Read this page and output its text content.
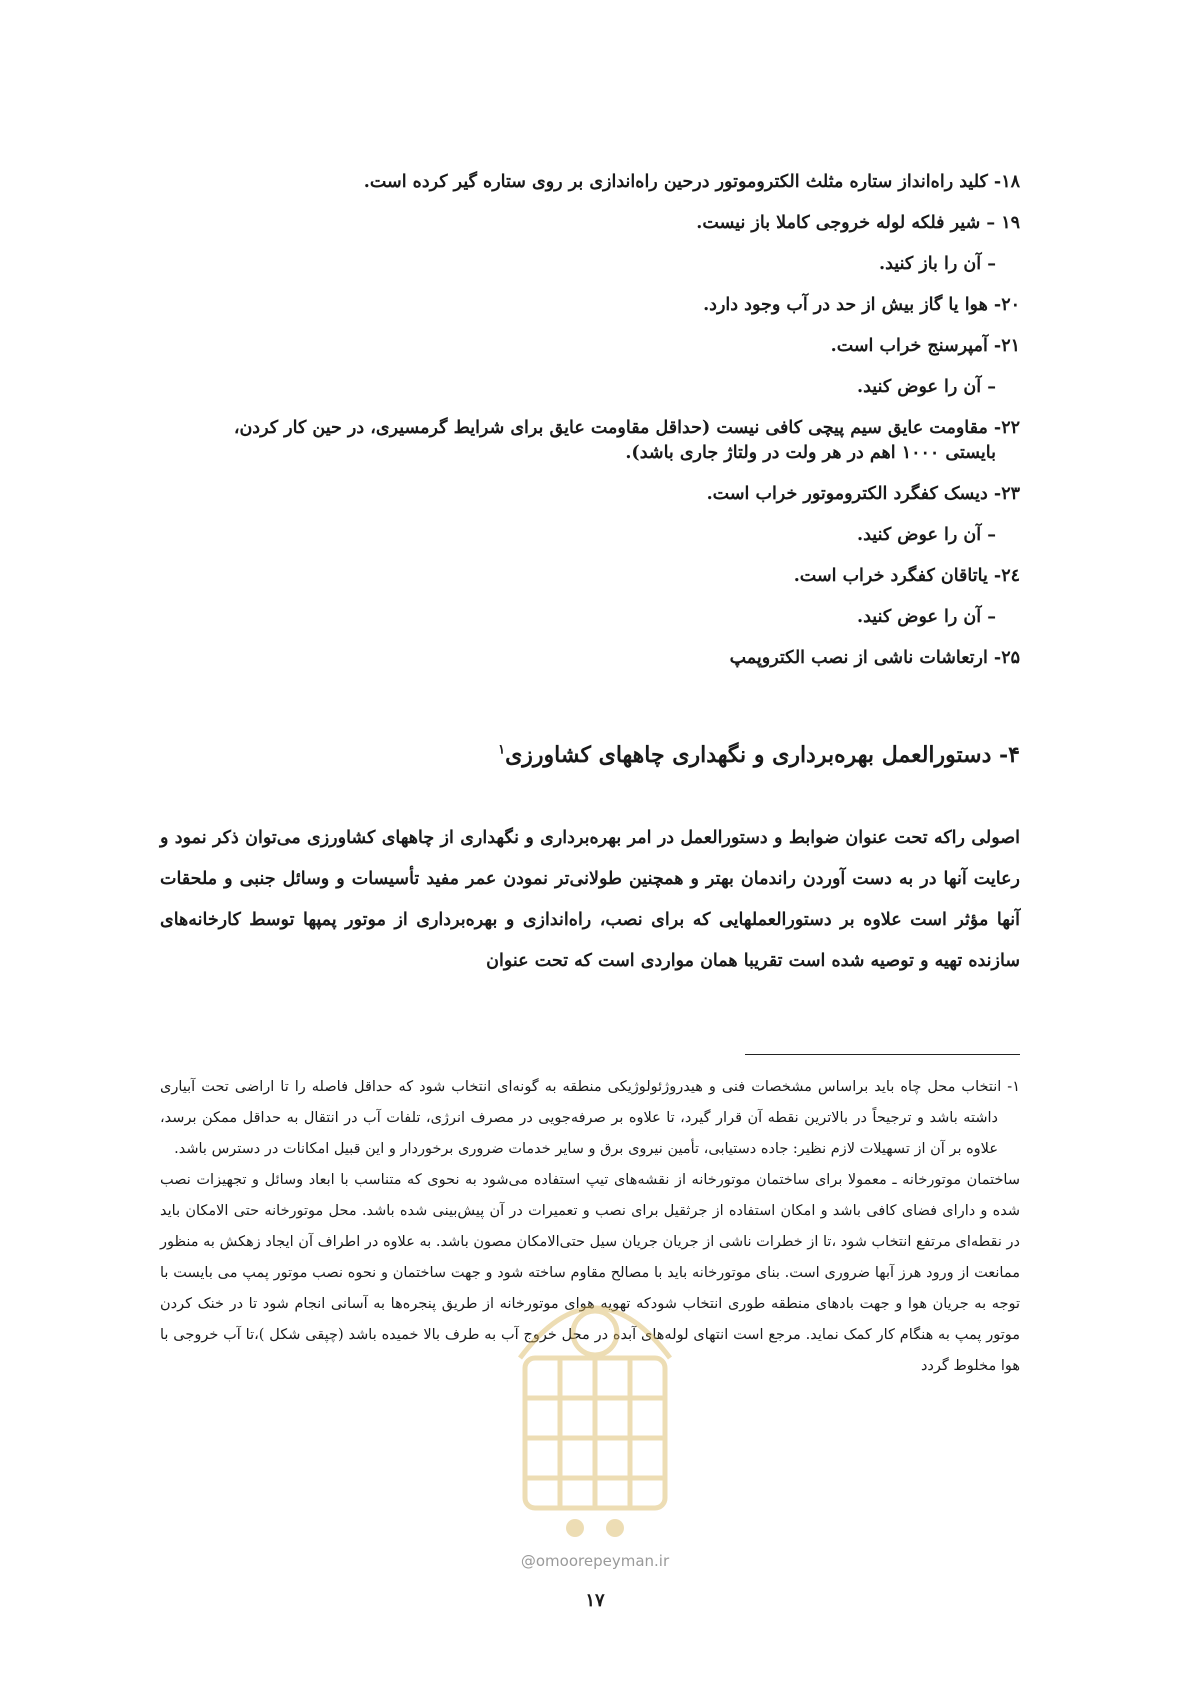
۱۸- کلید راه‌انداز ستاره مثلث الکتروموتور درحین راه‌اندازی بر روی ستاره گیر کرده است.

۱۹ – شیر فلکه لوله خروجی کاملا باز نیست.

– آن را باز کنید.

۲۰- هوا یا گاز بیش از حد در آب وجود دارد.

۲۱- آمپرسنج خراب است.

– آن را عوض کنید.

۲۲- مقاومت عایق سیم پیچی کافی نیست (حداقل مقاومت عایق برای شرایط گرمسیری، در حین کار کردن،
بایستی ۱۰۰۰ اهم در هر ولت در ولتاژ جاری باشد).

۲۳- دیسک کفگرد الکتروموتور خراب است.

– آن را عوض کنید.

۲٤- یاتاقان کفگرد خراب است.

– آن را عوض کنید.

۲۵- ارتعاشات ناشی از نصب الکتروپمپ

۴- دستورالعمل بهره‌برداری و نگهداری چاههای کشاورزی$^۱$
اصولی راکه تحت عنوان ضوابط و دستورالعمل در امر بهره‌برداری و نگهداری از چاههای کشاورزی می‌توان ذکر نمود و رعایت آنها در به دست آوردن راندمان بهتر و همچنین طولانی‌تر نمودن عمر مفید تأسیسات و وسائل جنبی و ملحقات آنها مؤثر است علاوه بر دستورالعملهایی که برای نصب، راه‌اندازی و بهره‌برداری از موتور پمپها توسط کارخانه‌های سازنده تهیه و توصیه شده است تقریبا همان مواردی است که تحت عنوان

۱- انتخاب محل چاه باید براساس مشخصات فنی و هیدروژئولوژیکی منطقه به گونه‌ای انتخاب شود که حداقل فاصله را تا اراضی تحت آبیاری داشته باشد و ترجیحاً در بالاترین نقطه آن قرار گیرد، تا علاوه بر صرفه‌جویی در مصرف انرژی، تلفات آب در انتقال به حداقل ممکن برسد، علاوه بر آن از تسهیلات لازم نظیر: جاده دستیابی، تأمین نیروی برق و سایر خدمات ضروری برخوردار و این قبیل امکانات در دسترس باشد.

ساختمان موتورخانه ـ معمولا برای ساختمان موتورخانه از نقشه‌های تیپ استفاده می‌شود به نحوی که متناسب با ابعاد وسائل و تجهیزات نصب شده و دارای فضای کافی باشد و امکان استفاده از جرثقیل برای نصب و تعمیرات در آن پیش‌بینی شده باشد. محل موتورخانه حتی الامکان باید در نقطه‌ای مرتفع انتخاب شود ،تا از خطرات ناشی از جریان جریان سیل حتی‌الامکان مصون باشد. به علاوه در اطراف آن ایجاد زهکش به منظور ممانعت از ورود هرز آبها ضروری است. بنای موتورخانه باید با مصالح مقاوم ساخته شود و جهت ساختمان و نحوه نصب موتور پمپ می بایست با توجه به جریان هوا و جهت بادهای منطقه طوری انتخاب شودکه تهویه هوای موتورخانه از طریق پنجره‌ها به آسانی انجام شود تا در خنک کردن موتور پمپ به هنگام کار کمک نماید. مرجع است انتهای لوله‌های آبده در محل خروج آب به طرف بالا خمیده باشد (چپقی شکل )،تا آب خروجی با هوا مخلوط گردد

@omoorepeyman.ir
۱۷
